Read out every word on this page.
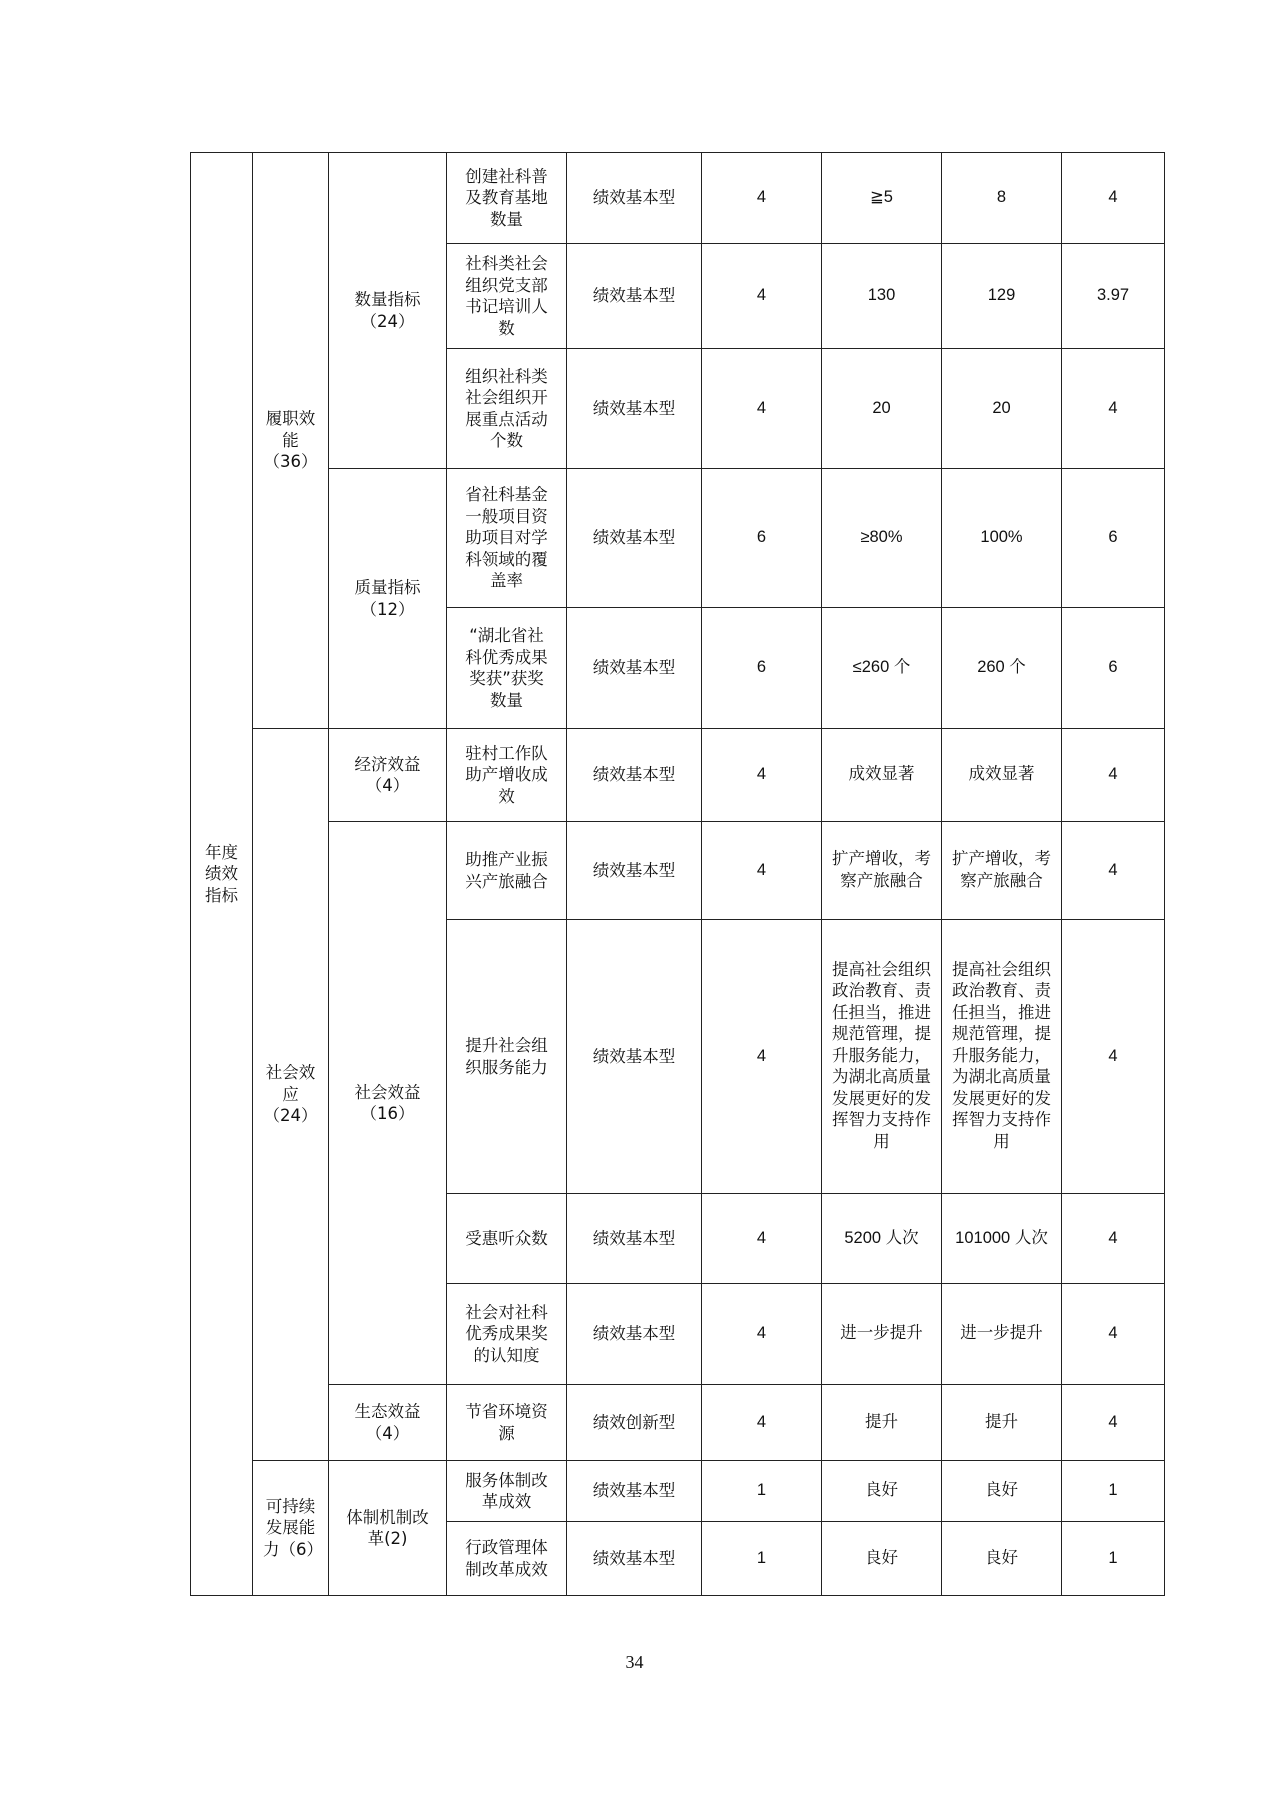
年度绩效指标	履职效能（36）	数量指标（24）	创建社科普及教育基地数量	绩效基本型	4	≧5	8	4
			社科类社会组织党支部书记培训人数	绩效基本型	4	130	129	3.97
			组织社科类社会组织开展重点活动个数	绩效基本型	4	20	20	4
		质量指标（12）	省社科基金一般项目资助项目对学科领域的覆盖率	绩效基本型	6	≥80%	100%	6
			“湖北省社科优秀成果奖获”获奖数量	绩效基本型	6	≤260 个	260 个	6
	社会效应（24）	经济效益（4）	驻村工作队助产增收成效	绩效基本型	4	成效显著	成效显著	4
		社会效益（16）	助推产业振兴产旅融合	绩效基本型	4	扩产增收，考察产旅融合	扩产增收，考察产旅融合	4
			提升社会组织服务能力	绩效基本型	4	提高社会组织政治教育、责任担当，推进规范管理，提升服务能力，为湖北高质量发展更好的发挥智力支持作用	提高社会组织政治教育、责任担当，推进规范管理，提升服务能力，为湖北高质量发展更好的发挥智力支持作用	4
			受惠听众数	绩效基本型	4	5200 人次	101000 人次	4
			社会对社科优秀成果奖的认知度	绩效基本型	4	进一步提升	进一步提升	4
		生态效益（4）	节省环境资源	绩效创新型	4	提升	提升	4
	可持续发展能力（6）	体制机制改革(2)	服务体制改革成效	绩效基本型	1	良好	良好	1
			行政管理体制改革成效	绩效基本型	1	良好	良好	1
34
